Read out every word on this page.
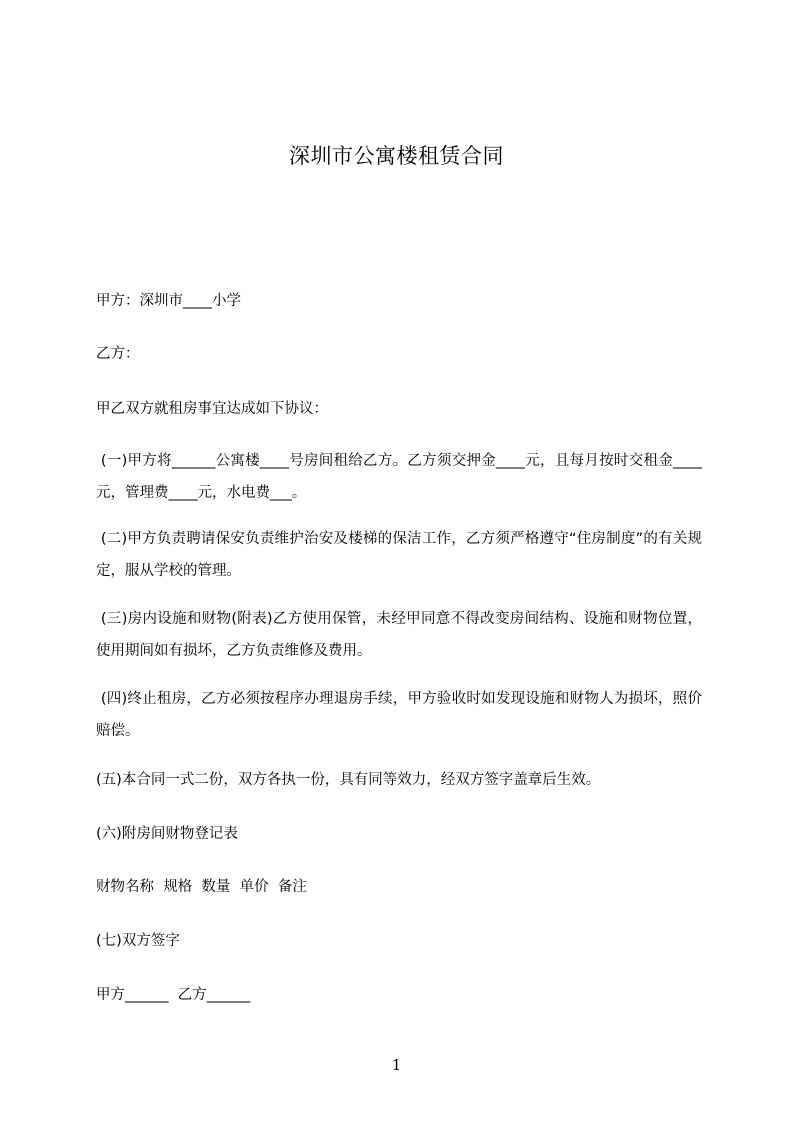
深圳市公寓楼租赁合同
甲方：深圳市____小学
乙方：
甲乙双方就租房事宜达成如下协议：
(一)甲方将______公寓楼____号房间租给乙方。乙方须交押金____元，且每月按时交租金____元，管理费____元，水电费___。
(二)甲方负责聘请保安负责维护治安及楼梯的保洁工作，乙方须严格遵守“住房制度”的有关规定，服从学校的管理。
(三)房内设施和财物(附表)乙方使用保管，未经甲同意不得改变房间结构、设施和财物位置，使用期间如有损坏，乙方负责维修及费用。
(四)终止租房，乙方必须按程序办理退房手续，甲方验收时如发现设施和财物人为损坏，照价赔偿。
(五)本合同一式二份，双方各执一份，具有同等效力，经双方签字盖章后生效。
(六)附房间财物登记表
财物名称  规格  数量  单价  备注
(七)双方签字
甲方______  乙方______
1
